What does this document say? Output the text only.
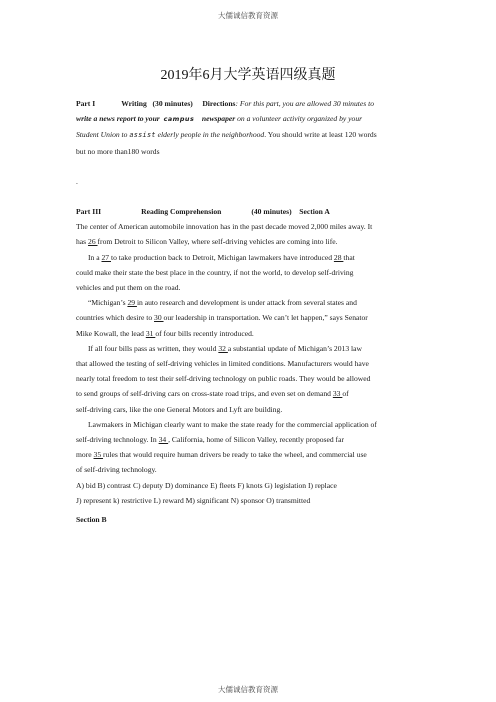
大儒诚信教育资源
2019年6月大学英语四级真题

Part I	Writing (30 minutes) Directions: For this part, you are allowed 30 minutes to

write a news report to your campus newspaper on a volunteer activity organized by your

Student Union to assist elderly people in the neighborhood. You should write at least 120 words

but no more than180 words

.

Part III	Reading Comprehension	(40 minutes) Section A

The center of American automobile innovation has in the past decade moved 2,000 miles away. It

has 26 from Detroit to Silicon Valley, where self-driving vehicles are coming into life.

In a 27 to take production back to Detroit, Michigan lawmakers have introduced 28 that

could make their state the best place in the country, if not the world, to develop self-driving

vehicles and put them on the road.

“Michigan’s 29 in auto research and development is under attack from several states and

countries which desire to 30 our leadership in transportation. We can’t let happen,” says Senator

Mike Kowall, the lead 31 of four bills recently introduced.

If all four bills pass as written, they would 32 a substantial update of Michigan’s 2013 law

that allowed the testing of self-driving vehicles in limited conditions. Manufacturers would have

nearly total freedom to test their self-driving technology on public roads. They would be allowed

to send groups of self-driving cars on cross-state road trips, and even set on demand 33 of

self-driving cars, like the one General Motors and Lyft are building.

Lawmakers in Michigan clearly want to make the state ready for the commercial application of

self-driving technology. In 34 , California, home of Silicon Valley, recently proposed far

more 35 rules that would require human drivers be ready to take the wheel, and commercial use

of self-driving technology.

A) bid B) contrast C) deputy D) dominance E) fleets F) knots G) legislation I) replace

J) represent k) restrictive L) reward M) significant N) sponsor O) transmitted

Section B

大儒诚信教育资源
